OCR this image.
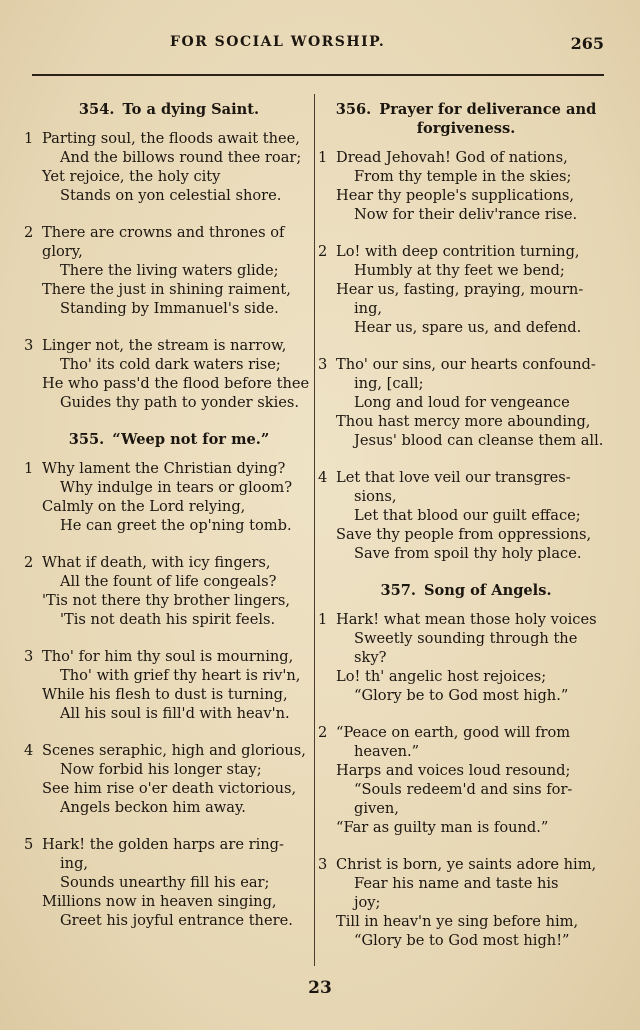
FOR SOCIAL WORSHIP.	265
354. To a dying Saint.
1 Parting soul, the floods await thee,
And the billows round thee roar;
Yet rejoice, the holy city
Stands on yon celestial shore.
2 There are crowns and thrones of
glory,
There the living waters glide;
There the just in shining raiment,
Standing by Immanuel's side.
3 Linger not, the stream is narrow,
Tho' its cold dark waters rise;
He who pass'd the flood before thee
Guides thy path to yonder skies.
355. “Weep not for me.”
1 Why lament the Christian dying?
Why indulge in tears or gloom?
Calmly on the Lord relying,
He can greet the op'ning tomb.
2 What if death, with icy fingers,
All the fount of life congeals?
'Tis not there thy brother lingers,
'Tis not death his spirit feels.
3 Tho' for him thy soul is mourning,
Tho' with grief thy heart is riv'n,
While his flesh to dust is turning,
All his soul is fill'd with heav'n.
4 Scenes seraphic, high and glorious,
Now forbid his longer stay;
See him rise o'er death victorious,
Angels beckon him away.
5 Hark! the golden harps are ring-
ing,
Sounds unearthy fill his ear;
Millions now in heaven singing,
Greet his joyful entrance there.
356. Prayer for deliverance and forgiveness.
1 Dread Jehovah! God of nations,
From thy temple in the skies;
Hear thy people's supplications,
Now for their deliv'rance rise.
2 Lo! with deep contrition turning,
Humbly at thy feet we bend;
Hear us, fasting, praying, mourn-
ing,
Hear us, spare us, and defend.
3 Tho' our sins, our hearts confound-
ing, [call;
Long and loud for vengeance
Thou hast mercy more abounding,
Jesus' blood can cleanse them all.
4 Let that love veil our transgres-
sions,
Let that blood our guilt efface;
Save thy people from oppressions,
Save from spoil thy holy place.
357. Song of Angels.
1 Hark! what mean those holy voices
Sweetly sounding through the
sky?
Lo! th' angelic host rejoices;
“Glory be to God most high.”
2 “Peace on earth, good will from
heaven.”
Harps and voices loud resound;
“Souls redeem'd and sins for-
given,
“Far as guilty man is found.”
3 Christ is born, ye saints adore him,
Fear his name and taste his
joy;
Till in heav'n ye sing before him,
“Glory be to God most high!”
23
